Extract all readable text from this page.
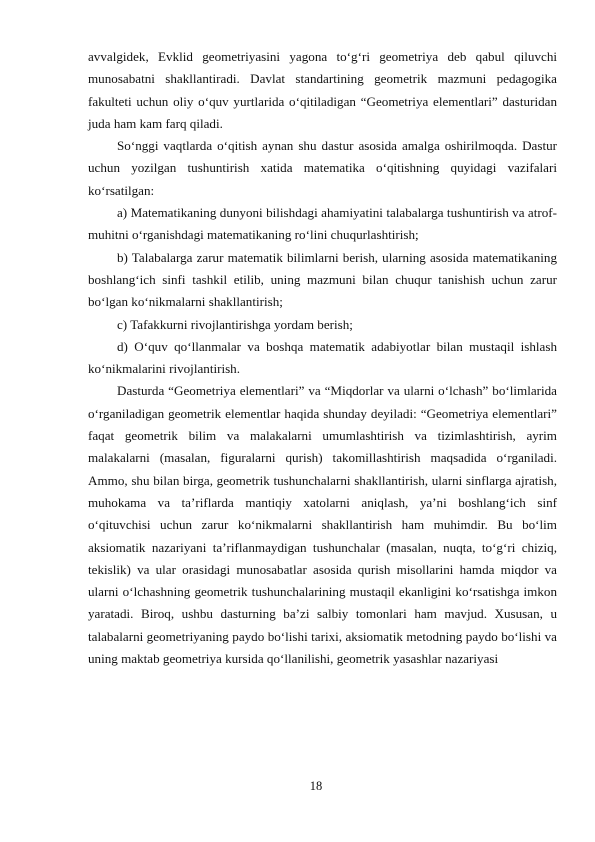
avvalgidek, Evklid geometriyasini yagona to‘g‘ri geometriya deb qabul qiluvchi munosabatni shakllantiradi. Davlat standartining geometrik mazmuni pedagogika fakulteti uchun oliy o‘quv yurtlarida o‘qitiladigan “Geometriya elementlari” dasturidan juda ham kam farq qiladi.

So‘nggi vaqtlarda o‘qitish aynan shu dastur asosida amalga oshirilmoqda. Dastur uchun yozilgan tushuntirish xatida matematika o‘qitishning quyidagi vazifalari ko‘rsatilgan:

a) Matematikaning dunyoni bilishdagi ahamiyatini talabalarga tushuntirish va atrof-muhitni o‘rganishdagi matematikaning ro‘lini chuqurlashtirish;

b) Talabalarga zarur matematik bilimlarni berish, ularning asosida matematikaning boshlang‘ich sinfi tashkil etilib, uning mazmuni bilan chuqur tanishish uchun zarur bo‘lgan ko‘nikmalarni shakllantirish;

c) Tafakkurni rivojlantirishga yordam berish;

d) O‘quv qo‘llanmalar va boshqa matematik adabiyotlar bilan mustaqil ishlash ko‘nikmalarini rivojlantirish.

Dasturda “Geometriya elementlari” va “Miqdorlar va ularni o‘lchash” bo‘limlarida o‘rganiladigan geometrik elementlar haqida shunday deyiladi: “Geometriya elementlari” faqat geometrik bilim va malakalarni umumlashtirish va tizimlashtirish, ayrim malakalarni (masalan, figuralarni qurish) takomillashtirish maqsadida o‘rganiladi. Ammo, shu bilan birga, geometrik tushunchalarni shakllantirish, ularni sinflarga ajratish, muhokama va ta’riflarda mantiqiy xatolarni aniqlash, ya’ni boshlang‘ich sinf o‘qituvchisi uchun zarur ko‘nikmalarni shakllantirish ham muhimdir. Bu bo‘lim aksiomatik nazariyani ta’riflanmaydigan tushunchalar (masalan, nuqta, to‘g‘ri chiziq, tekislik) va ular orasidagi munosabatlar asosida qurish misollarini hamda miqdor va ularni o‘lchashning geometrik tushunchalarining mustaqil ekanligini ko‘rsatishga imkon yaratadi. Biroq, ushbu dasturning ba’zi salbiy tomonlari ham mavjud. Xususan, u talabalarni geometriyaning paydo bo‘lishi tarixi, aksiomatik metodning paydo bo‘lishi va uning maktab geometriya kursida qo‘llanilishi, geometrik yasashlar nazariyasi

18
